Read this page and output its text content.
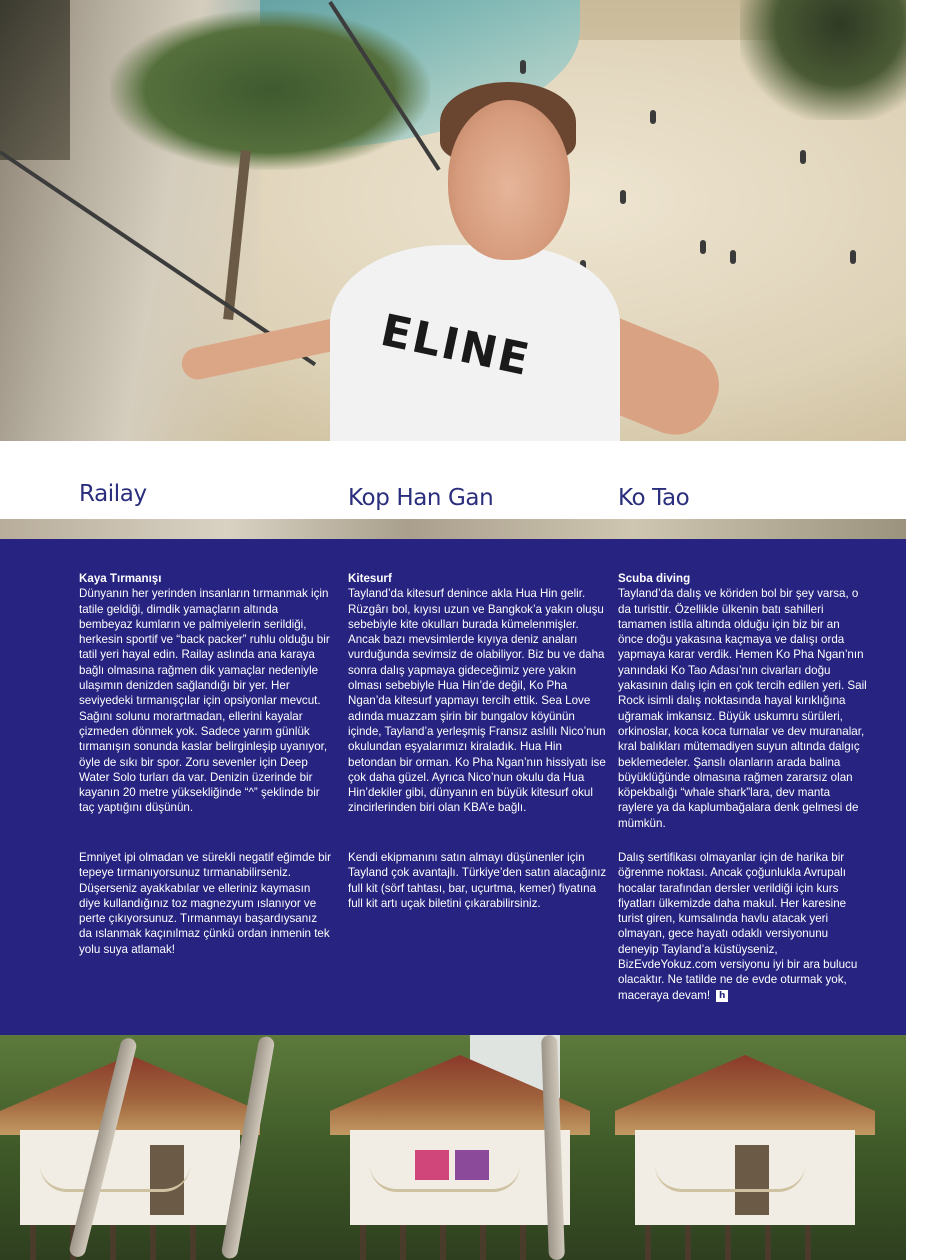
ELINE
Railay	Kop Han Gan	Ko Tao
Kaya Tırmanışı

Dünyanın her yerinden insanların tırmanmak için tatile geldiği, dimdik yamaçların altında bembeyaz kumların ve palmiyelerin serildiği, herkesin sportif ve “back packer” ruhlu olduğu bir tatil yeri hayal edin. Railay aslında ana karaya bağlı olmasına rağmen dik yamaçlar nedeniyle ulaşımın denizden sağlandığı bir yer. Her seviyedeki tırmanışçılar için opsiyonlar mevcut. Sağını solunu morartmadan, ellerini kayalar çizmeden dönmek yok. Sadece yarım günlük tırmanışın sonunda kaslar belirginleşip uyanıyor, öyle de sıkı bir spor. Zoru sevenler için Deep Water Solo turları da var. Denizin üzerinde bir kayanın 20 metre yüksekliğinde “^” şeklinde bir taç yaptığını düşünün.

Emniyet ipi olmadan ve sürekli negatif eğimde bir tepeye tırmanıyorsunuz tırmanabilirseniz. Düşerseniz ayakkabılar ve elleriniz kaymasın diye kullandığınız toz magnezyum ıslanıyor ve perte çıkıyorsunuz. Tırmanmayı başardıysanız da ıslanmak kaçınılmaz çünkü ordan inmenin tek yolu suya atlamak!

Kitesurf

Tayland’da kitesurf denince akla Hua Hin gelir. Rüzgârı bol, kıyısı uzun ve Bangkok’a yakın oluşu sebebiyle kite okulları burada kümelenmişler. Ancak bazı mevsimlerde kıyıya deniz anaları vurduğunda sevimsiz de olabiliyor. Biz bu ve daha sonra dalış yapmaya gideceğimiz yere yakın olması sebebiyle Hua Hin’de değil, Ko Pha Ngan’da kitesurf yapmayı tercih ettik. Sea Love adında muazzam şirin bir bungalov köyünün içinde, Tayland’a yerleşmiş Fransız aslıllı Nico’nun okulundan eşyalarımızı kiraladık. Hua Hin betondan bir orman. Ko Pha Ngan’nın hissiyatı ise çok daha güzel. Ayrıca Nico’nun okulu da Hua Hin’dekiler gibi, dünyanın en büyük kitesurf okul zincirlerinden biri olan KBA’e bağlı.

Kendi ekipmanını satın almayı düşünenler için Tayland çok avantajlı. Türkiye’den satın alacağınız full kit (sörf tahtası, bar, uçurtma, kemer) fiyatına full kit artı uçak biletini çıkarabilirsiniz.

Scuba diving

Tayland’da dalış ve köriden bol bir şey varsa, o da turisttir. Özellikle ülkenin batı sahilleri tamamen istila altında olduğu için biz bir an önce doğu yakasına kaçmaya ve dalışı orda yapmaya karar verdik. Hemen Ko Pha Ngan’nın yanındaki Ko Tao Adası’nın civarları doğu yakasının dalış için en çok tercih edilen yeri. Sail Rock isimli dalış noktasında hayal kırıklığına uğramak imkansız. Büyük uskumru sürüleri, orkinoslar, koca koca turnalar ve dev muranalar, kral balıkları mütemadiyen suyun altında dalgıç beklemedeler. Şanslı olanların arada balina büyüklüğünde olmasına rağmen zararsız olan köpekbalığı “whale shark”lara, dev manta raylere ya da kaplumbağalara denk gelmesi de mümkün.

Dalış sertifikası olmayanlar için de harika bir öğrenme noktası. Ancak çoğunlukla Avrupalı hocalar tarafından dersler verildiği için kurs fiyatları ülkemizde daha makul. Her karesine turist giren, kumsalında havlu atacak yeri olmayan, gece hayatı odaklı versiyonunu deneyip Tayland’a küstüyseniz, BizEvdeYokuz.com versiyonu iyi bir ara bulucu olacaktır. Ne tatilde ne de evde oturmak yok, maceraya devam! h
